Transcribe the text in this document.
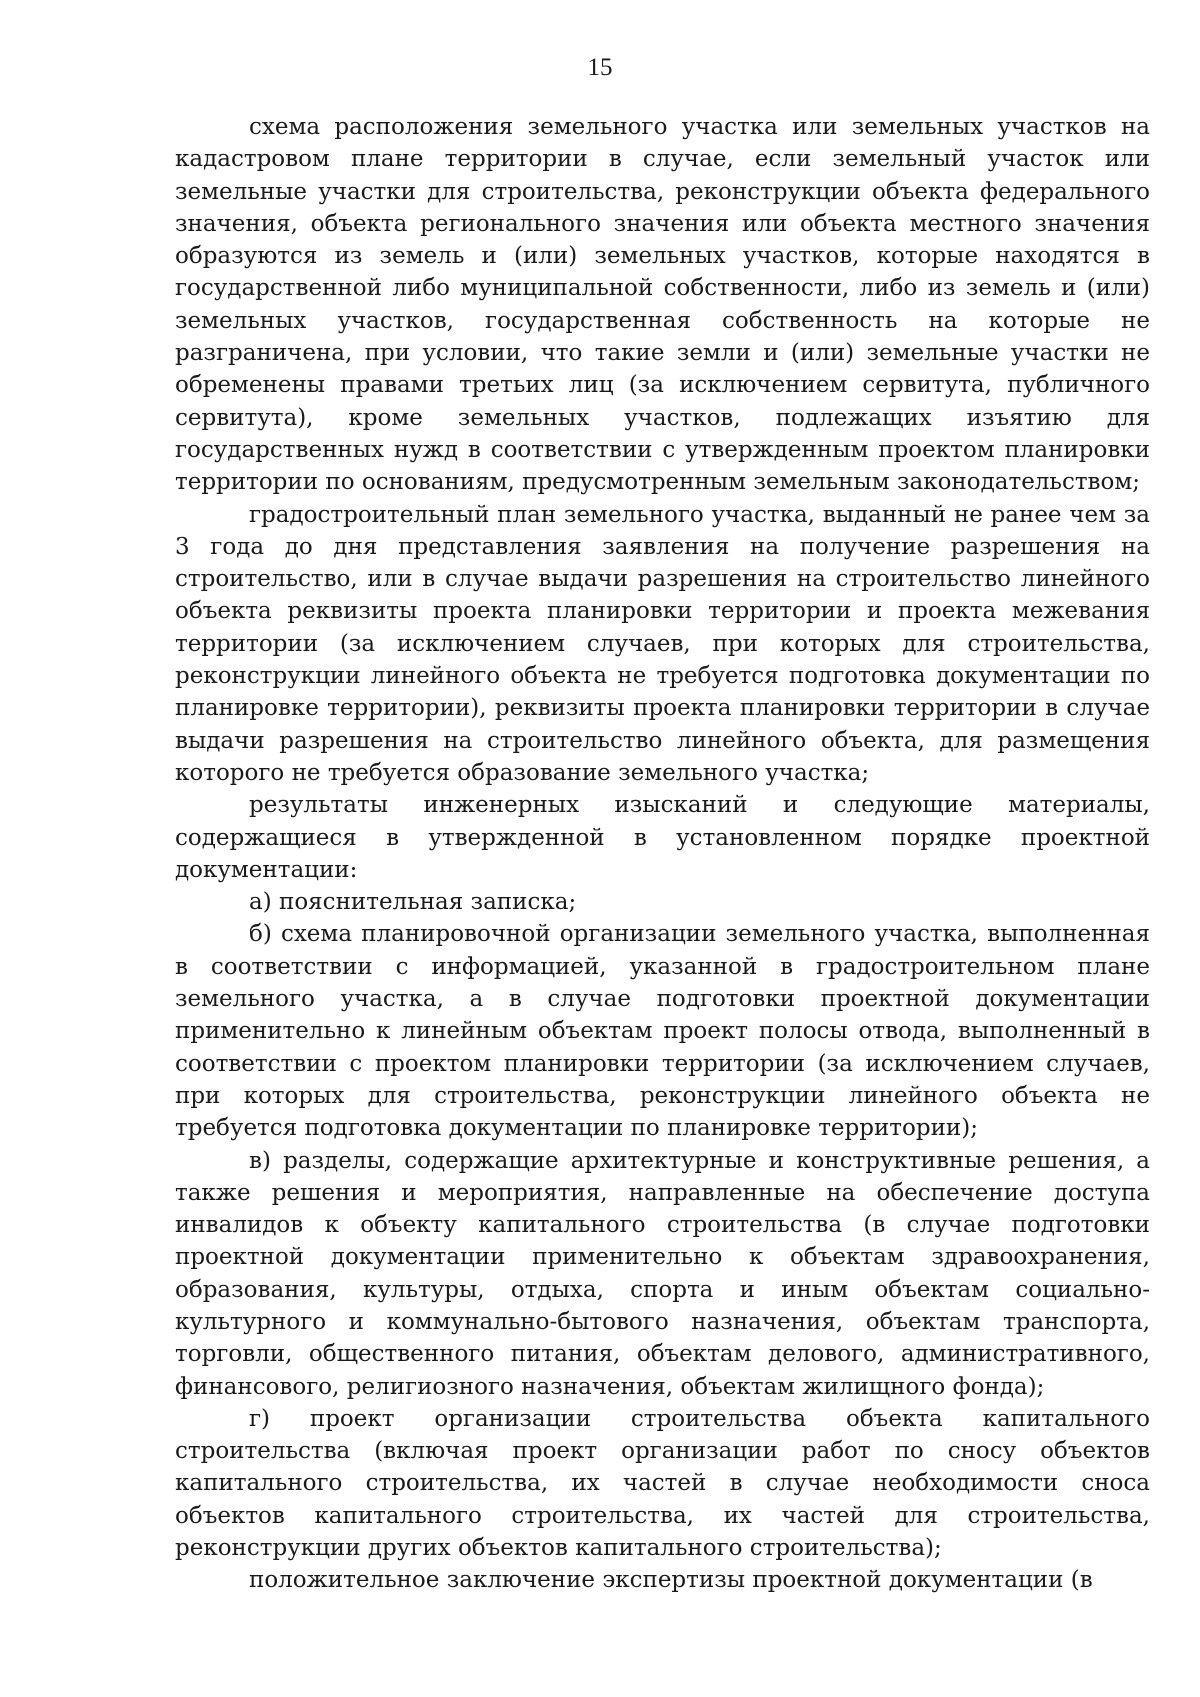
15

схема расположения земельного участка или земельных участков на кадастровом плане территории в случае, если земельный участок или земельные участки для строительства, реконструкции объекта федерального значения, объекта регионального значения или объекта местного значения образуются из земель и (или) земельных участков, которые находятся в государственной либо муниципальной собственности, либо из земель и (или) земельных участков, государственная собственность на которые не разграничена, при условии, что такие земли и (или) земельные участки не обременены правами третьих лиц (за исключением сервитута, публичного сервитута), кроме земельных участков, подлежащих изъятию для государственных нужд в соответствии с утвержденным проектом планировки территории по основаниям, предусмотренным земельным законодательством;

градостроительный план земельного участка, выданный не ранее чем за 3 года до дня представления заявления на получение разрешения на строительство, или в случае выдачи разрешения на строительство линейного объекта реквизиты проекта планировки территории и проекта межевания территории (за исключением случаев, при которых для строительства, реконструкции линейного объекта не требуется подготовка документации по планировке территории), реквизиты проекта планировки территории в случае выдачи разрешения на строительство линейного объекта, для размещения которого не требуется образование земельного участка;

результаты инженерных изысканий и следующие материалы, содержащиеся в утвержденной в установленном порядке проектной документации:

а) пояснительная записка;

б) схема планировочной организации земельного участка, выполненная в соответствии с информацией, указанной в градостроительном плане земельного участка, а в случае подготовки проектной документации применительно к линейным объектам проект полосы отвода, выполненный в соответствии с проектом планировки территории (за исключением случаев, при которых для строительства, реконструкции линейного объекта не требуется подготовка документации по планировке территории);

в) разделы, содержащие архитектурные и конструктивные решения, а также решения и мероприятия, направленные на обеспечение доступа инвалидов к объекту капитального строительства (в случае подготовки проектной документации применительно к объектам здравоохранения, образования, культуры, отдыха, спорта и иным объектам социально-культурного и коммунально-бытового назначения, объектам транспорта, торговли, общественного питания, объектам делового, административного, финансового, религиозного назначения, объектам жилищного фонда);

г) проект организации строительства объекта капитального строительства (включая проект организации работ по сносу объектов капитального строительства, их частей в случае необходимости сноса объектов капитального строительства, их частей для строительства, реконструкции других объектов капитального строительства);

положительное заключение экспертизы проектной документации (в
